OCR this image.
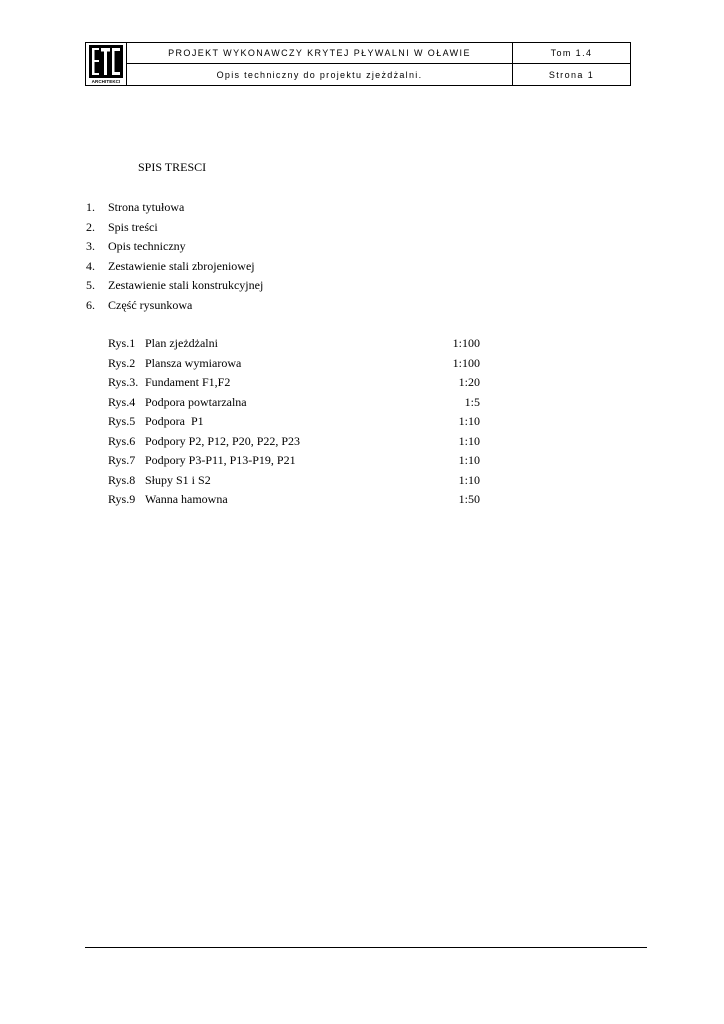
ARCHITEKCI
PROJEKT WYKONAWCZY KRYTEJ PŁYWALNI W OŁAWIE	Tom 1.4
Opis techniczny do projektu zjeżdżalni.	Strona 1
SPIS TRESCI
1.	Strona tytułowa
2.	Spis treści
3.	Opis techniczny
4.	Zestawienie stali zbrojeniowej
5.	Zestawienie stali konstrukcyjnej
6.	Część rysunkowa
Rys.1 Plan zjeżdżalni	1:100
Rys.2 Plansza wymiarowa	1:100
Rys.3. Fundament F1,F2	1:20
Rys.4 Podpora powtarzalna	1:5
Rys.5 Podpora  P1	1:10
Rys.6 Podpory P2, P12, P20, P22, P23	1:10
Rys.7 Podpory P3-P11, P13-P19, P21	1:10
Rys.8 Słupy S1 i S2	1:10
Rys.9 Wanna hamowna	1:50
